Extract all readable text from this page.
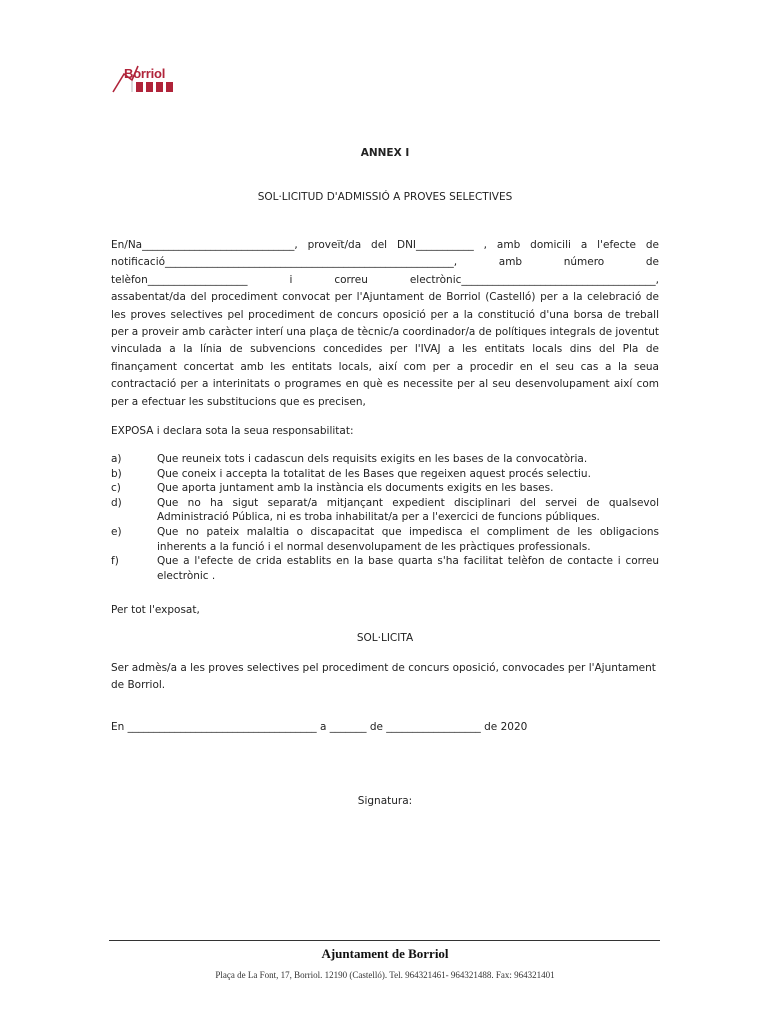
Borriol
ANNEX I
SOL·LICITUD D'ADMISSIÓ A PROVES SELECTIVES
En/Na_____________________________, proveït/da del DNI___________ , amb domicili a l'efecte de
notificació_______________________________________________________, amb número de
telèfon___________________ i correu electrònic_____________________________________,
assabentat/da del procediment convocat per l'Ajuntament de Borriol (Castelló) per a la celebració de les proves selectives pel procediment de concurs oposició per a la constitució d'una borsa de treball per a proveir amb caràcter interí una plaça de tècnic/a coordinador/a de polítiques integrals de joventut vinculada a la línia de subvencions concedides per l'IVAJ a les entitats locals dins del Pla de finançament concertat amb les entitats locals, així com per a procedir en el seu cas a la seua contractació per a interinitats o programes en què es necessite per al seu desenvolupament així com per a efectuar les substitucions que es precisen,
EXPOSA i declara sota la seua responsabilitat:
a)	Que reuneix tots i cadascun dels requisits exigits en les bases de la convocatòria.
b)	Que coneix i accepta la totalitat de les Bases que regeixen aquest procés selectiu.
c)	Que aporta juntament amb la instància els documents exigits en les bases.
d)	Que no ha sigut separat/a mitjançant expedient disciplinari del servei de qualsevol Administració Pública, ni es troba inhabilitat/a per a l'exercici de funcions públiques.
e)	Que no pateix malaltia o discapacitat que impedisca el compliment de les obligacions inherents a la funció i el normal desenvolupament de les pràctiques professionals.
f)	Que a l'efecte de crida establits en la base quarta s'ha facilitat telèfon de contacte i correu electrònic .
Per tot l'exposat,
SOL·LICITA
Ser admès/a a les proves selectives pel procediment de concurs oposició, convocades per l'Ajuntament de Borriol.
En ____________________________________ a _______ de __________________ de 2020
Signatura:
Ajuntament de Borriol
Plaça de La Font, 17, Borriol. 12190 (Castelló). Tel. 964321461- 964321488. Fax: 964321401
